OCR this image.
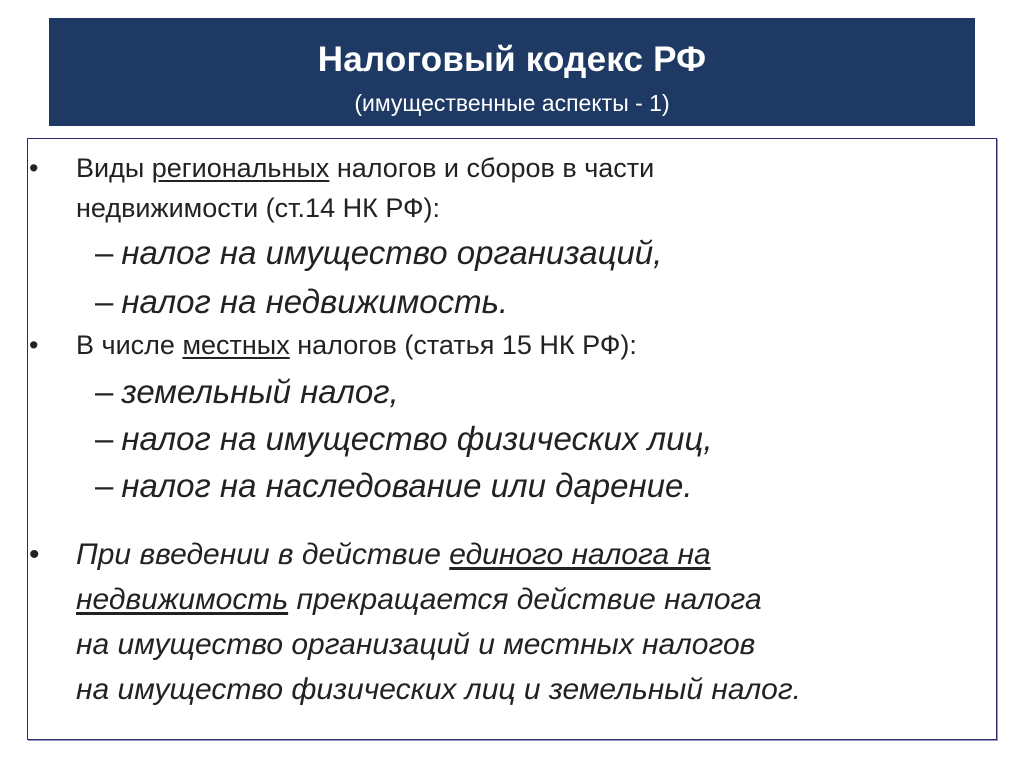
Налоговый кодекс РФ
(имущественные аспекты - 1)
• Виды региональных налогов и сборов в части
недвижимости (ст.14 НК РФ):
– налог на имущество организаций,
– налог на недвижимость.
• В числе местных налогов (статья 15 НК РФ):
– земельный налог,
– налог на имущество физических лиц,
– налог на наследование или дарение.
• При введении в действие единого налога на
недвижимость прекращается действие налога
на имущество организаций и местных налогов
на имущество физических лиц и земельный налог.
